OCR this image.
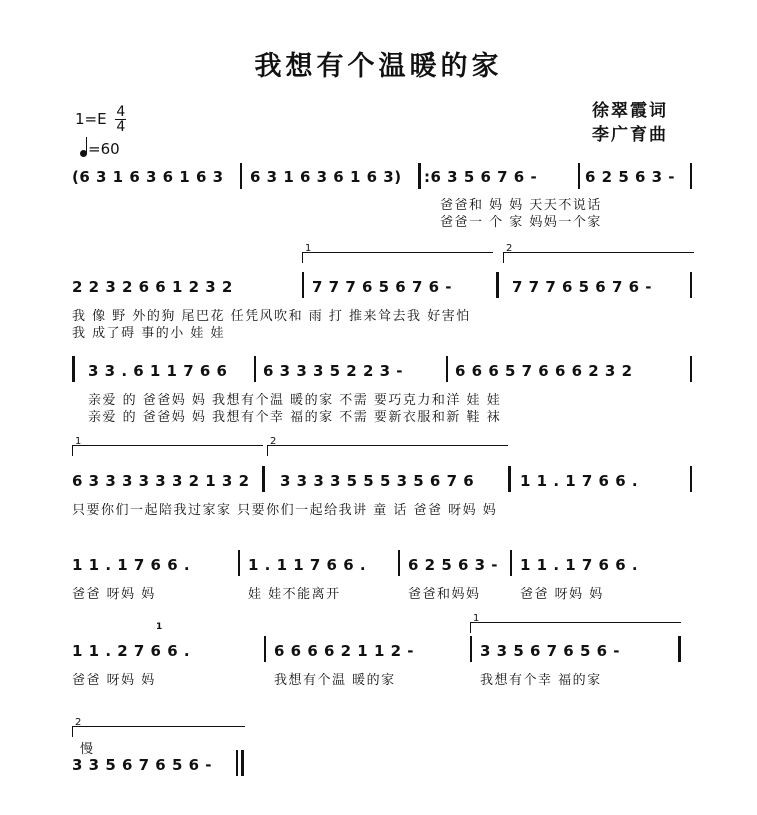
我想有个温暖的家
徐翠霞词
李广育曲
$1=E \frac{4}{4}$
=60
(6 3 1 6 3 6 1 6 3 6 3 1 6 3 6 1 6 3) :6 3 5 6 7 6 -	6 2 5 6 3 -
爸爸和 妈 妈 天天不说话
爸爸一 个 家 妈妈一个家
1	2
2 2 3 2 6 6 1 2 3 2	7 7 7 6 5 6 7 6 -	7 7 7 6 5 6 7 6 -
我 像 野 外的狗 尾巴花 任凭风吹和 雨 打 推来耸去我 好害怕
我 成了碍 事的小 娃 娃
3 3 . 6 1 1 7 6 6 6 3 3 3 5 2 2 3 -	6 6 6 5 7 6 6 6 2 3 2
亲爱 的 爸爸妈 妈 我想有个温 暖的家 不需 要巧克力和洋 娃 娃
亲爱 的 爸爸妈 妈 我想有个幸 福的家 不需 要新衣服和新 鞋 袜
1	2
6 3 3 3 3 3 3 2 1 3 2 3 3 3 3 5 5 5 3 5 6 7 6	1 1 . 1 7 6 6 .
只要你们一起陪我过家家 只要你们一起给我讲 童 话 爸爸 呀妈 妈
1 1 . 1 7 6 6 .	1 . 1 1 7 6 6 .	6 2 5 6 3 - 1 1 . 1 7 6 6 .
爸爸 呀妈 妈	娃 娃不能离开	爸爸和妈妈	爸爸 呀妈 妈
1
1
1 1 . 2 7 6 6 .	6 6 6 6 2 1 1 2 -	3 3 5 6 7 6 5 6 -
爸爸 呀妈 妈	我想有个温 暖的家	我想有个幸 福的家
2
慢
3 3 5 6 7 6 5 6 -
